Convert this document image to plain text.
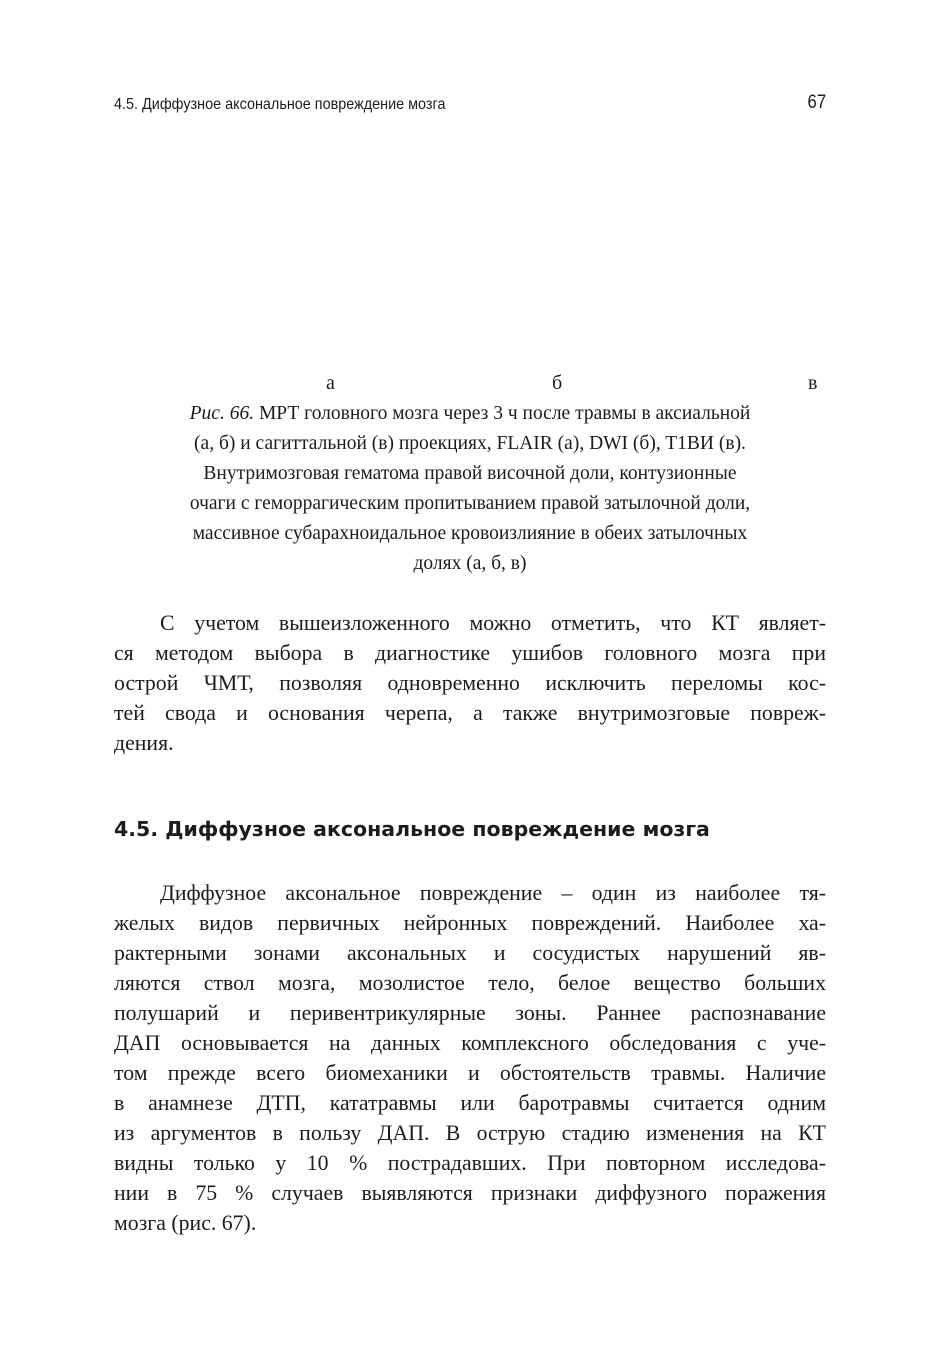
4.5. Диффузное аксональное повреждение мозга	67
а	б	в
Рис. 66. МРТ головного мозга через 3 ч после травмы в аксиальной
(а, б) и сагиттальной (в) проекциях, FLAIR (а), DWI (б), T1ВИ (в).
Внутримозговая гематома правой височной доли, контузионные
очаги с геморрагическим пропитыванием правой затылочной доли,
массивное субарахноидальное кровоизлияние в обеих затылочных
долях (а, б, в)
С учетом вышеизложенного можно отметить, что КТ являет-
ся методом выбора в диагностике ушибов головного мозга при
острой ЧМТ, позволяя одновременно исключить переломы кос-
тей свода и основания черепа, а также внутримозговые повреж-
дения.
4.5. Диффузное аксональное повреждение мозга
Диффузное аксональное повреждение – один из наиболее тя-
желых видов первичных нейронных повреждений. Наиболее ха-
рактерными зонами аксональных и сосудистых нарушений яв-
ляются ствол мозга, мозолистое тело, белое вещество больших
полушарий и перивентрикулярные зоны. Раннее распознавание
ДАП основывается на данных комплексного обследования с уче-
том прежде всего биомеханики и обстоятельств травмы. Наличие
в анамнезе ДТП, кататравмы или баротравмы считается одним
из аргументов в пользу ДАП. В острую стадию изменения на КТ
видны только у 10 % пострадавших. При повторном исследова-
нии в 75 % случаев выявляются признаки диффузного поражения
мозга (рис. 67).
